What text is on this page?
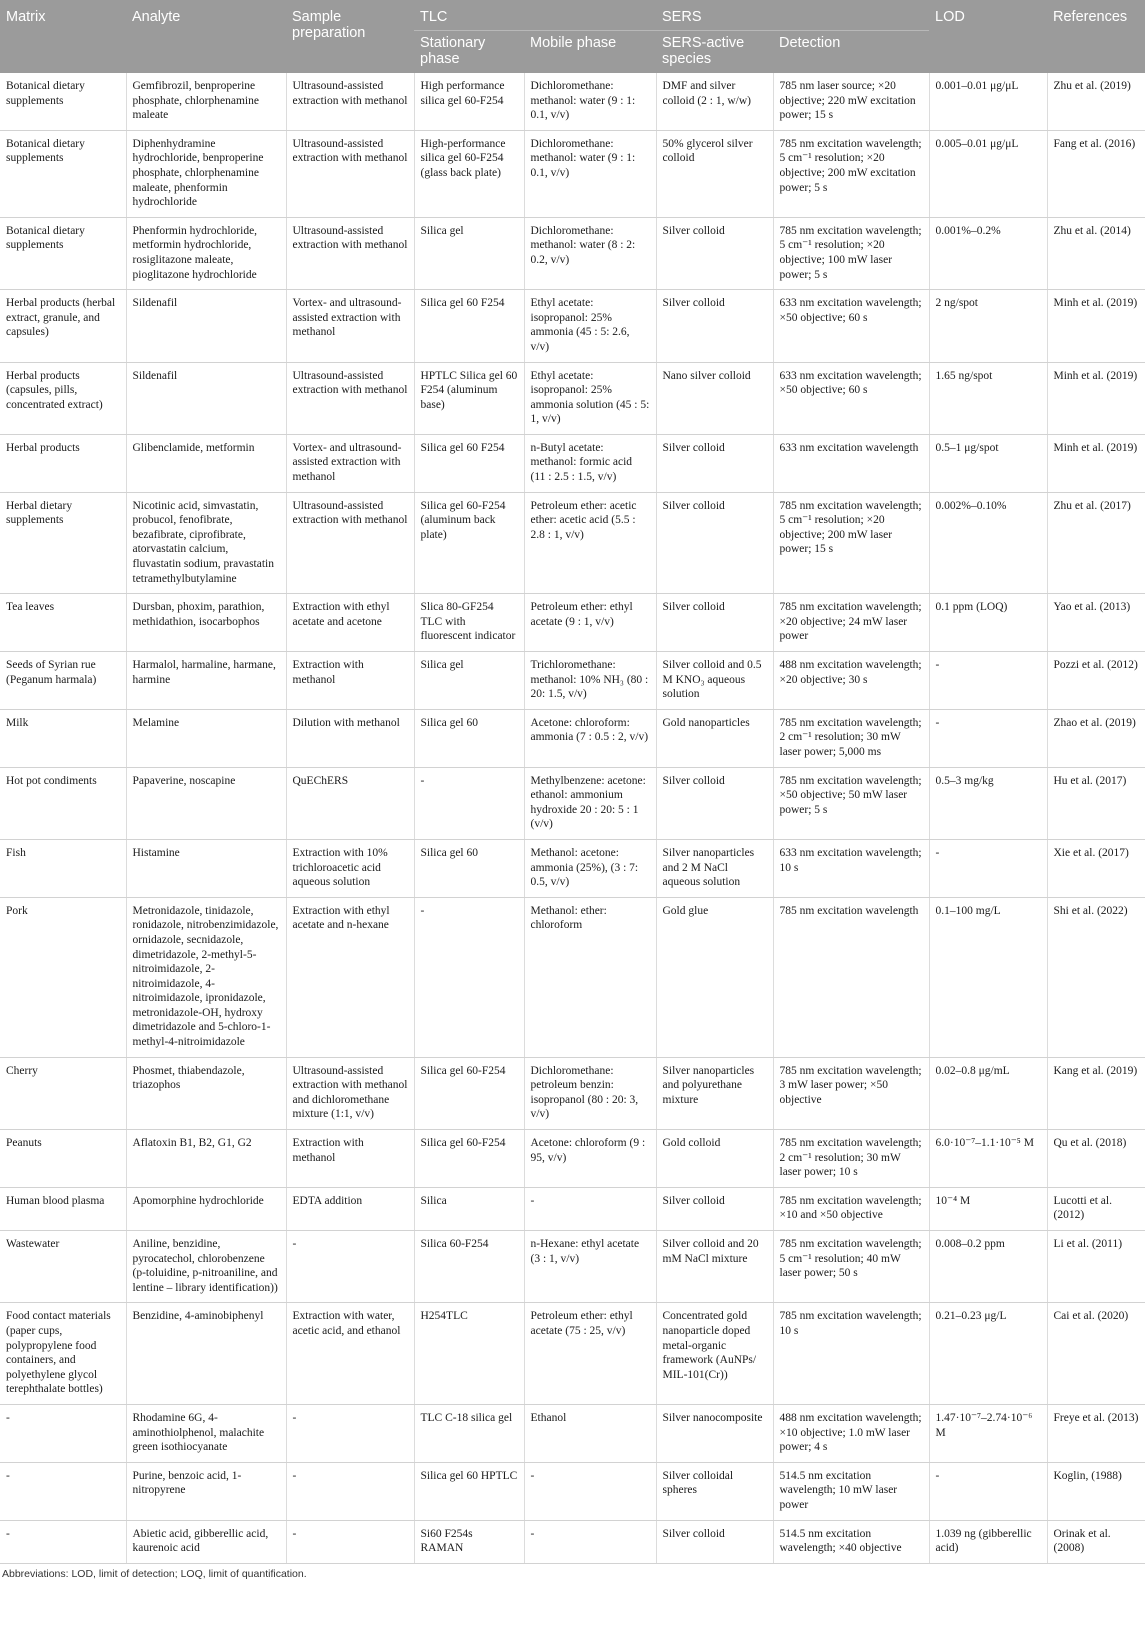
Matrix	Analyte	Sample preparation	TLC		SERS		LOD	References
			Stationary phase	Mobile phase	SERS-active species	Detection		
Botanical dietary supplements	Gemfibrozil, benproperine phosphate, chlorphenamine maleate	Ultrasound-assisted extraction with methanol	High performance silica gel 60-F254	Dichloromethane: methanol: water (9 : 1: 0.1, v/v)	DMF and silver colloid (2 : 1, w/w)	785 nm laser source; ×20 objective; 220 mW excitation power; 15 s	0.001–0.01 μg/μL	Zhu et al. (2019)
Botanical dietary supplements	Diphenhydramine hydrochloride, benproperine phosphate, chlorphenamine maleate, phenformin hydrochloride	Ultrasound-assisted extraction with methanol	High-performance silica gel 60-F254 (glass back plate)	Dichloromethane: methanol: water (9 : 1: 0.1, v/v)	50% glycerol silver colloid	785 nm excitation wavelength; 5 cm⁻¹ resolution; ×20 objective; 200 mW excitation power; 5 s	0.005–0.01 μg/μL	Fang et al. (2016)
Botanical dietary supplements	Phenformin hydrochloride, metformin hydrochloride, rosiglitazone maleate, pioglitazone hydrochloride	Ultrasound-assisted extraction with methanol	Silica gel	Dichloromethane: methanol: water (8 : 2: 0.2, v/v)	Silver colloid	785 nm excitation wavelength; 5 cm⁻¹ resolution; ×20 objective; 100 mW laser power; 5 s	0.001%–0.2%	Zhu et al. (2014)
Herbal products (herbal extract, granule, and capsules)	Sildenafil	Vortex- and ultrasound-assisted extraction with methanol	Silica gel 60 F254	Ethyl acetate: isopropanol: 25% ammonia (45 : 5: 2.6, v/v)	Silver colloid	633 nm excitation wavelength; ×50 objective; 60 s	2 ng/spot	Minh et al. (2019)
Herbal products (capsules, pills, concentrated extract)	Sildenafil	Ultrasound-assisted extraction with methanol	HPTLC Silica gel 60 F254 (aluminum base)	Ethyl acetate: isopropanol: 25% ammonia solution (45 : 5: 1, v/v)	Nano silver colloid	633 nm excitation wavelength; ×50 objective; 60 s	1.65 ng/spot	Minh et al. (2019)
Herbal products	Glibenclamide, metformin	Vortex- and ultrasound-assisted extraction with methanol	Silica gel 60 F254	n-Butyl acetate: methanol: formic acid (11 : 2.5 : 1.5, v/v)	Silver colloid	633 nm excitation wavelength	0.5–1 μg/spot	Minh et al. (2019)
Herbal dietary supplements	Nicotinic acid, simvastatin, probucol, fenofibrate, bezafibrate, ciprofibrate, atorvastatin calcium, fluvastatin sodium, pravastatin tetramethylbutylamine	Ultrasound-assisted extraction with methanol	Silica gel 60-F254 (aluminum back plate)	Petroleum ether: acetic ether: acetic acid (5.5 : 2.8 : 1, v/v)	Silver colloid	785 nm excitation wavelength; 5 cm⁻¹ resolution; ×20 objective; 200 mW laser power; 15 s	0.002%–0.10%	Zhu et al. (2017)
Tea leaves	Dursban, phoxim, parathion, methidathion, isocarbophos	Extraction with ethyl acetate and acetone	Slica 80-GF254 TLC with fluorescent indicator	Petroleum ether: ethyl acetate (9 : 1, v/v)	Silver colloid	785 nm excitation wavelength; ×20 objective; 24 mW laser power	0.1 ppm (LOQ)	Yao et al. (2013)
Seeds of Syrian rue (Peganum harmala)	Harmalol, harmaline, harmane, harmine	Extraction with methanol	Silica gel	Trichloromethane: methanol: 10% NH₃ (80 : 20: 1.5, v/v)	Silver colloid and 0.5 M KNO₃ aqueous solution	488 nm excitation wavelength; ×20 objective; 30 s	-	Pozzi et al. (2012)
Milk	Melamine	Dilution with methanol	Silica gel 60	Acetone: chloroform: ammonia (7 : 0.5 : 2, v/v)	Gold nanoparticles	785 nm excitation wavelength; 2 cm⁻¹ resolution; 30 mW laser power; 5,000 ms	-	Zhao et al. (2019)
Hot pot condiments	Papaverine, noscapine	QuEChERS	-	Methylbenzene: acetone: ethanol: ammonium hydroxide 20 : 20: 5 : 1 (v/v)	Silver colloid	785 nm excitation wavelength; ×50 objective; 50 mW laser power; 5 s	0.5–3 mg/kg	Hu et al. (2017)
Fish	Histamine	Extraction with 10% trichloroacetic acid aqueous solution	Silica gel 60	Methanol: acetone: ammonia (25%), (3 : 7: 0.5, v/v)	Silver nanoparticles and 2 M NaCl aqueous solution	633 nm excitation wavelength; 10 s	-	Xie et al. (2017)
Pork	Metronidazole, tinidazole, ronidazole, nitrobenzimidazole, ornidazole, secnidazole, dimetridazole, 2-methyl-5-nitroimidazole, 2-nitroimidazole, 4-nitroimidazole, ipronidazole, metronidazole-OH, hydroxy dimetridazole and 5-chloro-1-methyl-4-nitroimidazole	Extraction with ethyl acetate and n-hexane	-	Methanol: ether: chloroform	Gold glue	785 nm excitation wavelength	0.1–100 mg/L	Shi et al. (2022)
Cherry	Phosmet, thiabendazole, triazophos	Ultrasound-assisted extraction with methanol and dichloromethane mixture (1:1, v/v)	Silica gel 60-F254	Dichloromethane: petroleum benzin: isopropanol (80 : 20: 3, v/v)	Silver nanoparticles and polyurethane mixture	785 nm excitation wavelength; 3 mW laser power; ×50 objective	0.02–0.8 μg/mL	Kang et al. (2019)
Peanuts	Aflatoxin B1, B2, G1, G2	Extraction with methanol	Silica gel 60-F254	Acetone: chloroform (9 : 95, v/v)	Gold colloid	785 nm excitation wavelength; 2 cm⁻¹ resolution; 30 mW laser power; 10 s	6.0·10⁻⁷–1.1·10⁻⁵ M	Qu et al. (2018)
Human blood plasma	Apomorphine hydrochloride	EDTA addition	Silica	-	Silver colloid	785 nm excitation wavelength; ×10 and ×50 objective	10⁻⁴ M	Lucotti et al. (2012)
Wastewater	Aniline, benzidine, pyrocatechol, chlorobenzene (p-toluidine, p-nitroaniline, and lentine – library identification))	-	Silica 60-F254	n-Hexane: ethyl acetate (3 : 1, v/v)	Silver colloid and 20 mM NaCl mixture	785 nm excitation wavelength; 5 cm⁻¹ resolution; 40 mW laser power; 50 s	0.008–0.2 ppm	Li et al. (2011)
Food contact materials (paper cups, polypropylene food containers, and polyethylene glycol terephthalate bottles)	Benzidine, 4-aminobiphenyl	Extraction with water, acetic acid, and ethanol	H254TLC	Petroleum ether: ethyl acetate (75 : 25, v/v)	Concentrated gold nanoparticle doped metal-organic framework (AuNPs/ MIL-101(Cr))	785 nm excitation wavelength; 10 s	0.21–0.23 μg/L	Cai et al. (2020)
-	Rhodamine 6G, 4-aminothiolphenol, malachite green isothiocyanate	-	TLC C-18 silica gel	Ethanol	Silver nanocomposite	488 nm excitation wavelength; ×10 objective; 1.0 mW laser power; 4 s	1.47·10⁻⁷–2.74·10⁻⁶ M	Freye et al. (2013)
-	Purine, benzoic acid, 1-nitropyrene	-	Silica gel 60 HPTLC	-	Silver colloidal spheres	514.5 nm excitation wavelength; 10 mW laser power	-	Koglin, (1988)
-	Abietic acid, gibberellic acid, kaurenoic acid	-	Si60 F254s RAMAN	-	Silver colloid	514.5 nm excitation wavelength; ×40 objective	1.039 ng (gibberellic acid)	Orinak et al. (2008)
Abbreviations: LOD, limit of detection; LOQ, limit of quantification.
